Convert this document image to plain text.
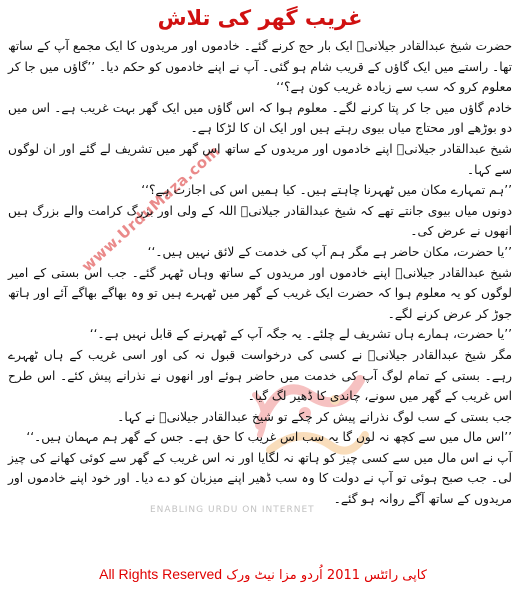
www.UrduMaza.com
ENABLING URDU ON INTERNET
غریب گھر کی تلاش

حضرت شیخ عبدالقادر جیلانیؒ ایک بار حج کرنے گئے۔ خادموں اور مریدوں کا ایک مجمع آپ کے ساتھ تھا۔ راستے میں ایک گاؤں کے قریب شام ہو گئی۔ آپ نے اپنے خادموں کو حکم دیا۔ ’’گاؤں میں جا کر معلوم کرو کہ سب سے زیادہ غریب کون ہے؟‘‘

خادم گاؤں میں جا کر پتا کرنے لگے۔ معلوم ہوا کہ اس گاؤں میں ایک گھر بہت غریب ہے۔ اس میں دو بوڑھے اور محتاج میاں بیوی رہتے ہیں اور ایک ان کا لڑکا ہے۔

شیخ عبدالقادر جیلانیؒ اپنے خادموں اور مریدوں کے ساتھ اس گھر میں تشریف لے گئے اور ان لوگوں سے کہا۔

’’ہم تمہارے مکان میں ٹھہرنا چاہتے ہیں۔ کیا ہمیں اس کی اجازت ہے؟‘‘

دونوں میاں بیوی جانتے تھے کہ شیخ عبدالقادر جیلانیؒ اللہ کے ولی اور بزرگ کرامت والے بزرگ ہیں انھوں نے عرض کی۔

’’یا حضرت، مکان حاضر ہے مگر ہم آپ کی خدمت کے لائق نہیں ہیں۔‘‘

شیخ عبدالقادر جیلانیؒ اپنے خادموں اور مریدوں کے ساتھ وہاں ٹھہر گئے۔ جب اس بستی کے امیر لوگوں کو یہ معلوم ہوا کہ حضرت ایک غریب کے گھر میں ٹھہرے ہیں تو وہ بھاگے بھاگے آئے اور ہاتھ جوڑ کر عرض کرنے لگے۔

’’یا حضرت، ہمارے ہاں تشریف لے چلئے۔ یہ جگہ آپ کے ٹھہرنے کے قابل نہیں ہے۔‘‘

مگر شیخ عبدالقادر جیلانیؒ نے کسی کی درخواست قبول نہ کی اور اسی غریب کے ہاں ٹھہرے رہے۔ بستی کے تمام لوگ آپ کی خدمت میں حاضر ہوئے اور انھوں نے نذرانے پیش کئے۔ اس طرح اس غریب کے گھر میں سونے، چاندی کا ڈھیر لگ گیا۔

جب بستی کے سب لوگ نذرانے پیش کر چکے تو شیخ عبدالقادر جیلانیؒ نے کہا۔

’’اس مال میں سے کچھ نہ لوں گا یہ سب اس غریب کا حق ہے۔ جس کے گھر ہم مہمان ہیں۔‘‘

آپ نے اس مال میں سے کسی چیز کو ہاتھ نہ لگایا اور نہ اس غریب کے گھر سے کوئی کھانے کی چیز لی۔ جب صبح ہوئی تو آپ نے دولت کا وہ سب ڈھیر اپنے میزبان کو دے دیا۔ اور خود اپنے خادموں اور مریدوں کے ساتھ آگے روانہ ہو گئے۔

All Rights Reserved کاپی رائٹس 2011 اُردو مزا نیٹ ورک
